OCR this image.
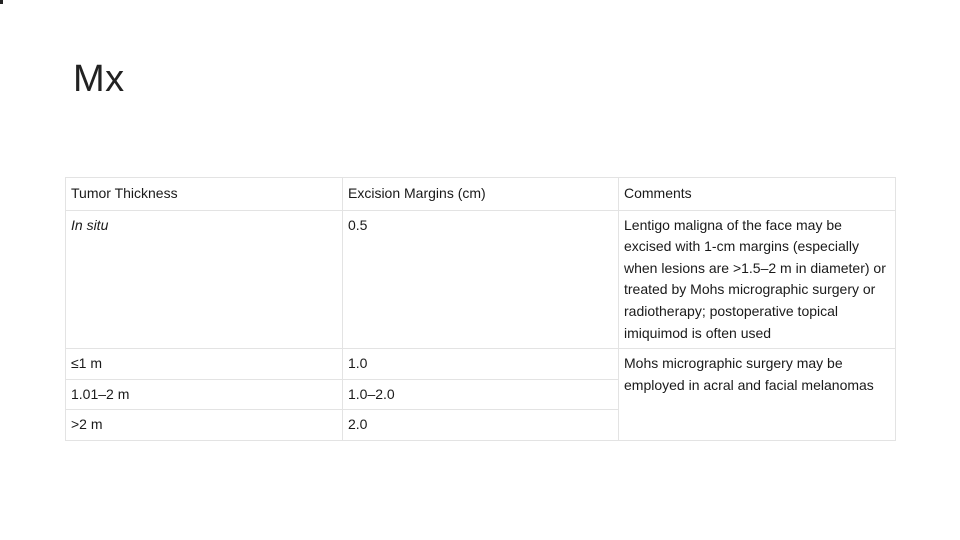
Mx
Tumor Thickness	Excision Margins (cm)	Comments
In situ	0.5	Lentigo maligna of the face may be excised with 1-cm margins (especially when lesions are >1.5–2 m in diameter) or treated by Mohs micrographic surgery or radiotherapy; postoperative topical imiquimod is often used
≤1 m	1.0	Mohs micrographic surgery may be employed in acral and facial melanomas
1.01–2 m	1.0–2.0	
>2 m	2.0	
